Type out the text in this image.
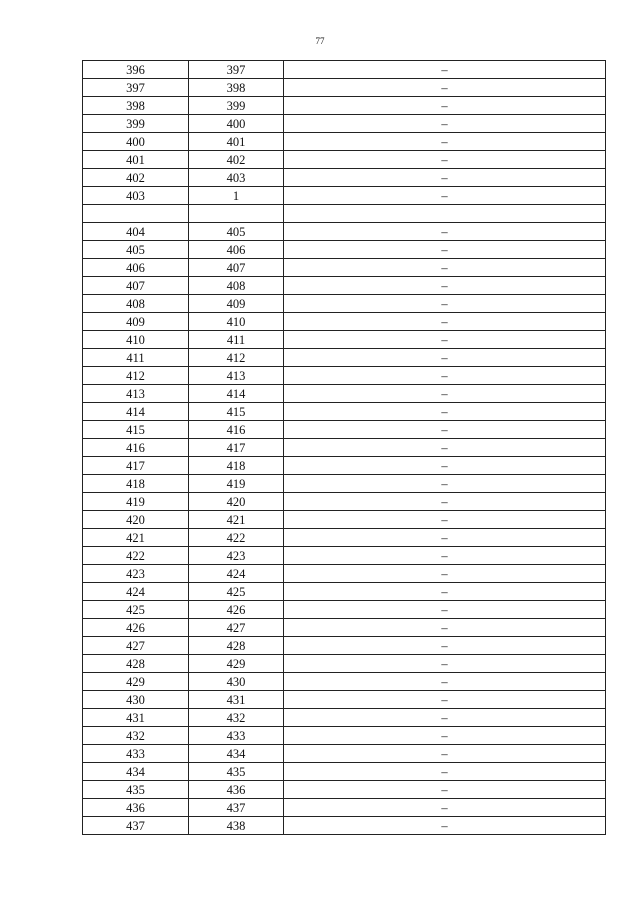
77
396	397	–
397	398	–
398	399	–
399	400	–
400	401	–
401	402	–
402	403	–
403	1	–

404	405	–
405	406	–
406	407	–
407	408	–
408	409	–
409	410	–
410	411	–
411	412	–
412	413	–
413	414	–
414	415	–
415	416	–
416	417	–
417	418	–
418	419	–
419	420	–
420	421	–
421	422	–
422	423	–
423	424	–
424	425	–
425	426	–
426	427	–
427	428	–
428	429	–
429	430	–
430	431	–
431	432	–
432	433	–
433	434	–
434	435	–
435	436	–
436	437	–
437	438	–
